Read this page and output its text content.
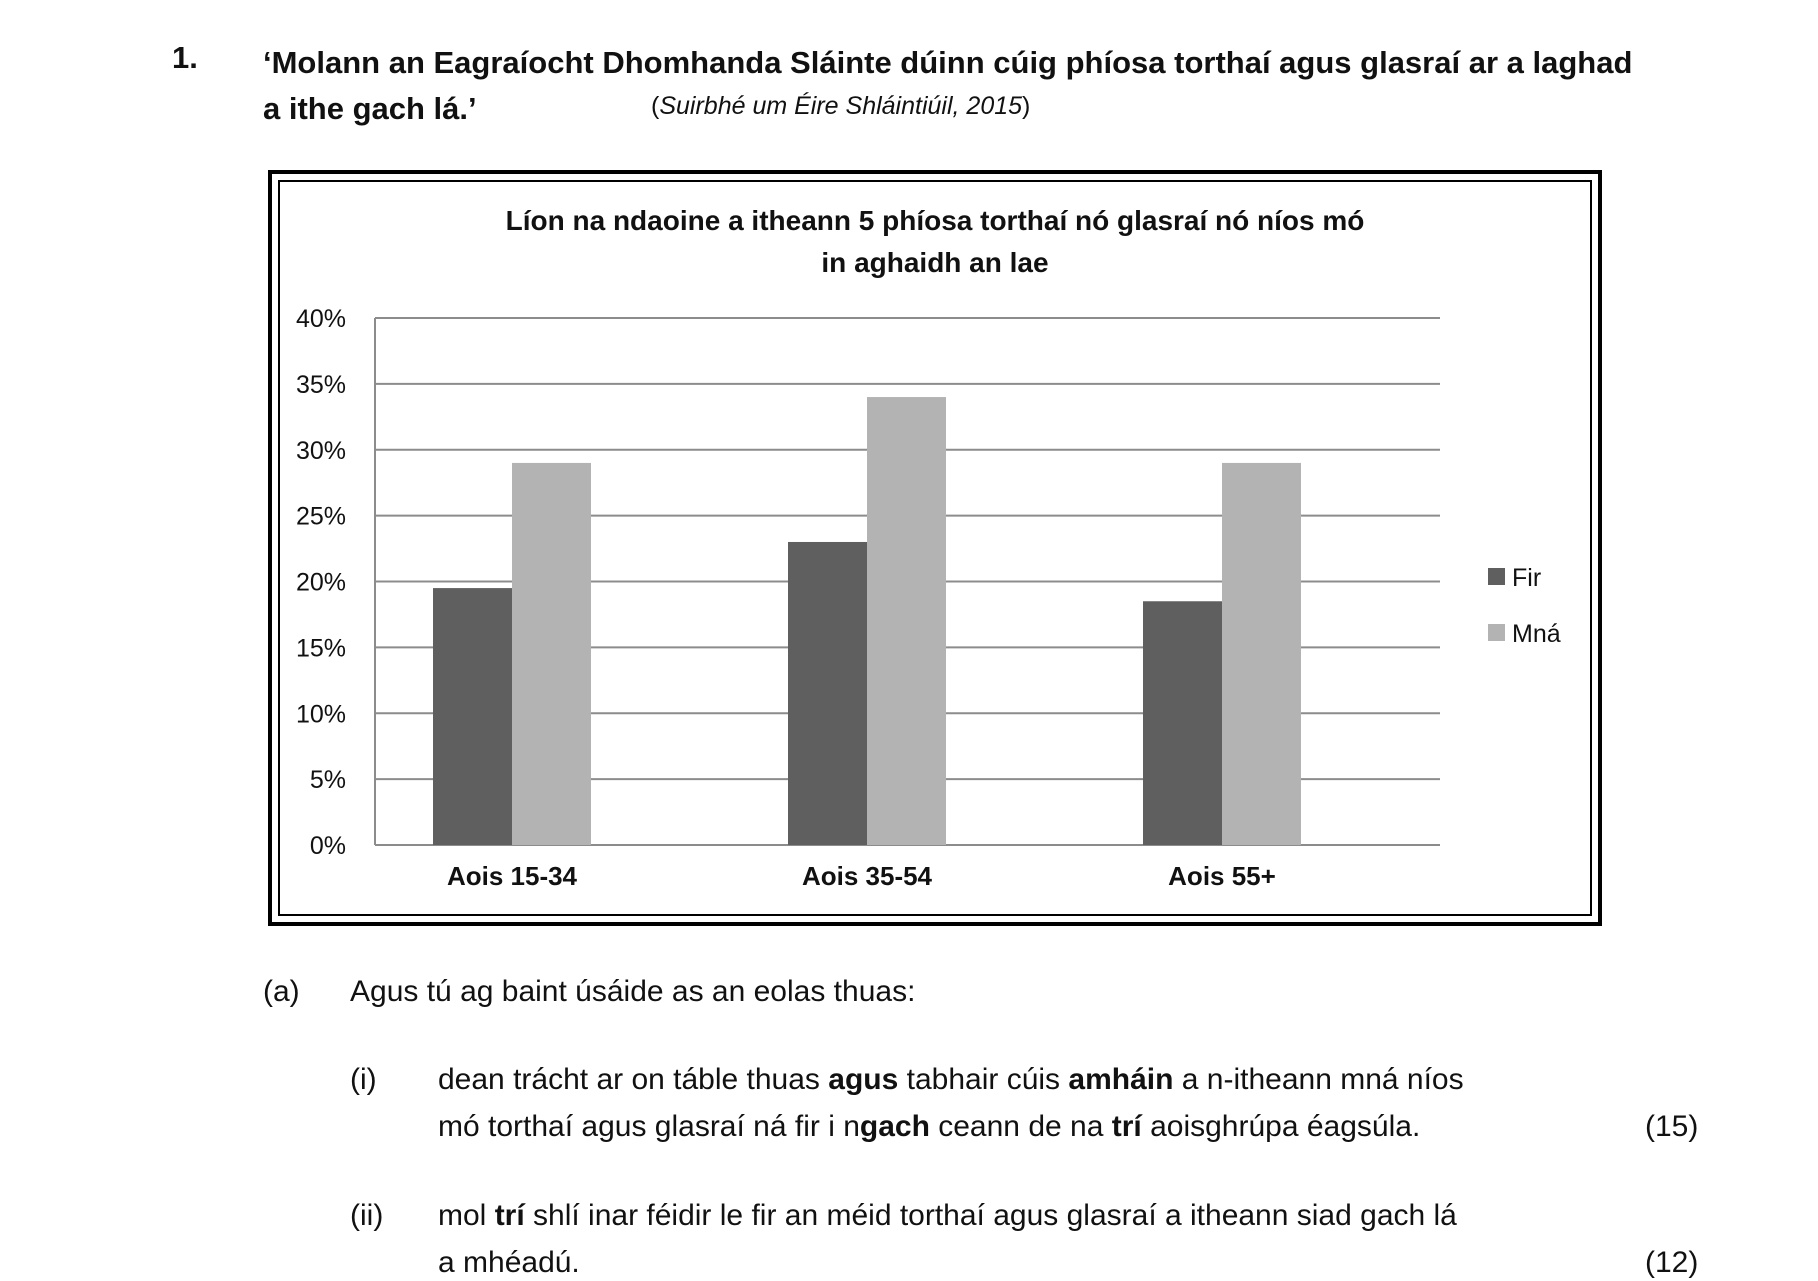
1. ‘Molann an Eagraíocht Dhomhanda Sláinte dúinn cúig phíosa torthaí agus glasraí ar a laghad
a ithe gach lá.’	(Suirbhé um Éire Shláintiúil, 2015)
Líon na ndaoine a itheann 5 phíosa torthaí nó glasraí nó níos mó
in aghaidh an lae
0%
5%
10%
15%
20%
25%
30%
35%
40%
Aois 15-34	Aois 35-54	Aois 55+
Fir
Mná
(a) Agus tú ag baint úsáide as an eolas thuas:
(i) dean trácht ar on táble thuas agus tabhair cúis amháin a n-itheann mná níos
mó torthaí agus glasraí ná fir i ngach ceann de na trí aoisghrúpa éagsúla.	(15)
(ii) mol trí shlí inar féidir le fir an méid torthaí agus glasraí a itheann siad gach lá
a mhéadú.	(12)
